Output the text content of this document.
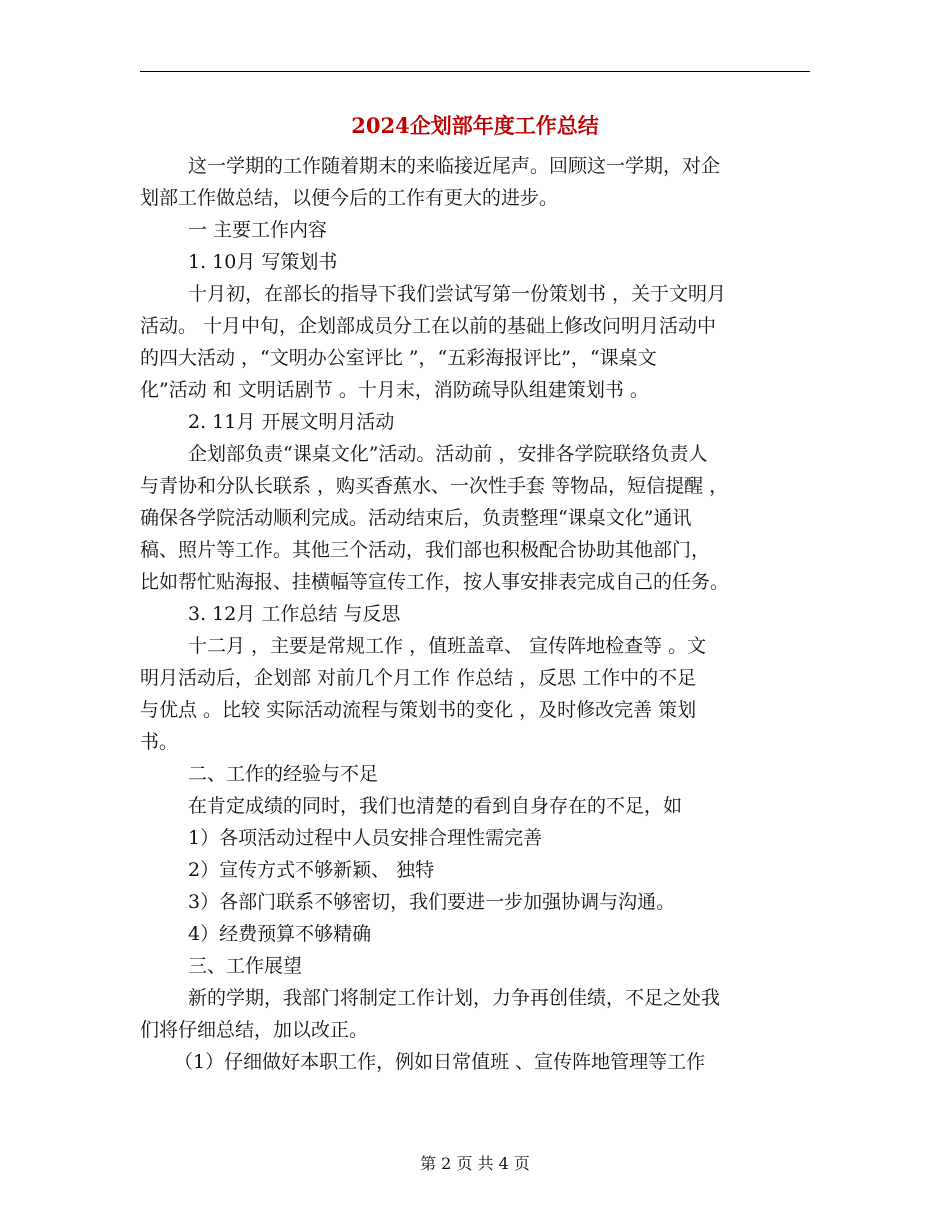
2024企划部年度工作总结

这一学期的工作随着期末的来临接近尾声。回顾这一学期，对企

划部工作做总结，以便今后的工作有更大的进步。

一 主要工作内容

1. 10月 写策划书

十月初，在部长的指导下我们尝试写第一份策划书 ，关于文明月

活动。 十月中旬，企划部成员分工在以前的基础上修改问明月活动中

的四大活动 ，“文明办公室评比 ”，“五彩海报评比”，“课桌文

化”活动 和 文明话剧节 。十月末，消防疏导队组建策划书 。

2. 11月 开展文明月活动

企划部负责“课桌文化”活动。活动前 ，安排各学院联络负责人

与青协和分队长联系 ，购买香蕉水、一次性手套 等物品，短信提醒 ，

确保各学院活动顺利完成。活动结束后，负责整理“课桌文化”通讯

稿、照片等工作。其他三个活动，我们部也积极配合协助其他部门，

比如帮忙贴海报、挂横幅等宣传工作，按人事安排表完成自己的任务。

3. 12月 工作总结 与反思

十二月 ，主要是常规工作 ，值班盖章、 宣传阵地检查等 。文

明月活动后，企划部 对前几个月工作 作总结 ，反思 工作中的不足

与优点 。比较 实际活动流程与策划书的变化 ，及时修改完善 策划

书。

二、工作的经验与不足

在肯定成绩的同时，我们也清楚的看到自身存在的不足，如

1）各项活动过程中人员安排合理性需完善

2）宣传方式不够新颖、 独特

3）各部门联系不够密切，我们要进一步加强协调与沟通。

4）经费预算不够精确

三、工作展望

新的学期，我部门将制定工作计划，力争再创佳绩，不足之处我

们将仔细总结，加以改正。

（1）仔细做好本职工作，例如日常值班 、宣传阵地管理等工作

第 2 页 共 4 页
